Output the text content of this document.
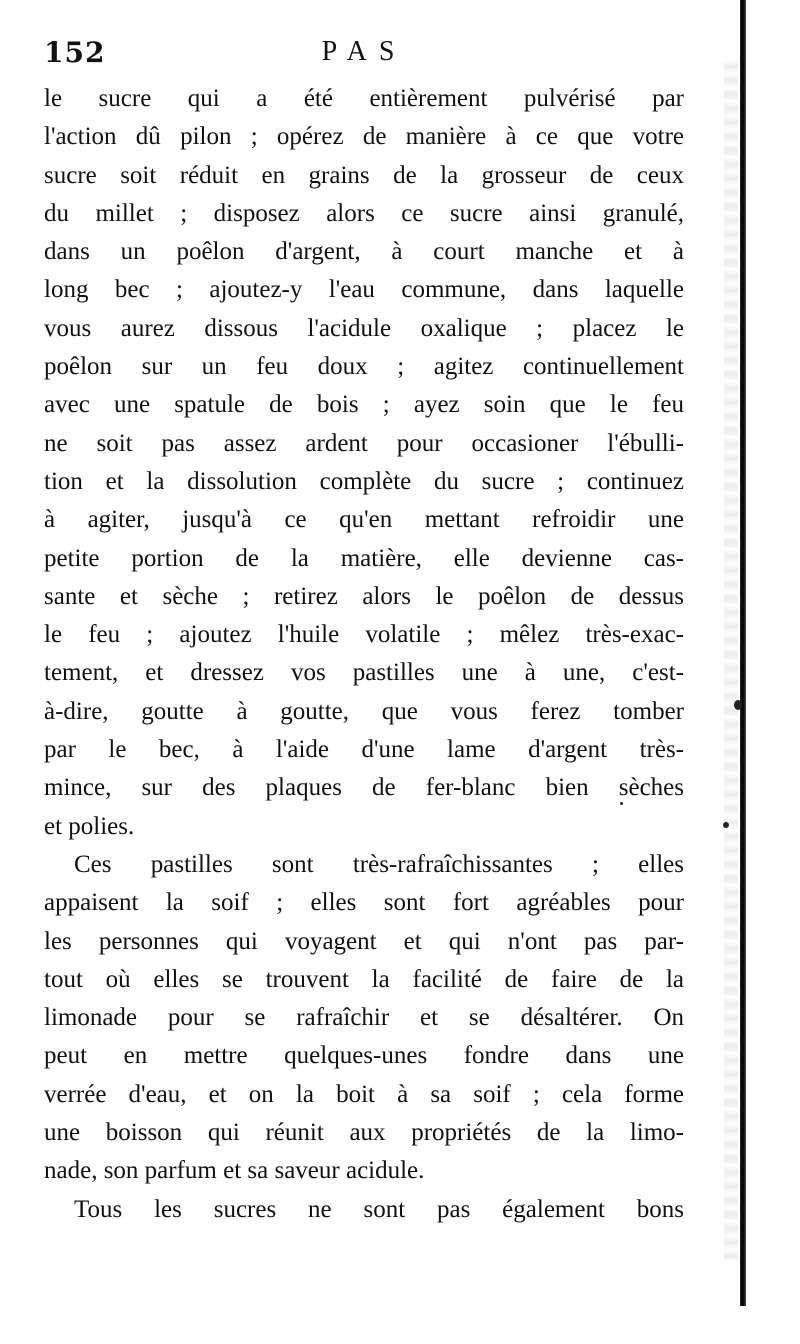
152	PAS
le sucre qui a été entièrement pulvérisé par
l'action dû pilon ; opérez de manière à ce que votre
sucre soit réduit en grains de la grosseur de ceux
du millet ; disposez alors ce sucre ainsi granulé,
dans un poêlon d'argent, à court manche et à
long bec ; ajoutez-y l'eau commune, dans laquelle
vous aurez dissous l'acidule oxalique ; placez le
poêlon sur un feu doux ; agitez continuellement
avec une spatule de bois ; ayez soin que le feu
ne soit pas assez ardent pour occasioner l'ébulli-
tion et la dissolution complète du sucre ; continuez
à agiter, jusqu'à ce qu'en mettant refroidir une
petite portion de la matière, elle devienne cas-
sante et sèche ; retirez alors le poêlon de dessus
le feu ; ajoutez l'huile volatile ; mêlez très-exac-
tement, et dressez vos pastilles une à une, c'est-
à-dire, goutte à goutte, que vous ferez tomber
par le bec, à l'aide d'une lame d'argent très-
mince, sur des plaques de fer-blanc bien sèches
et polies.
Ces pastilles sont très-rafraîchissantes ; elles
appaisent la soif ; elles sont fort agréables pour
les personnes qui voyagent et qui n'ont pas par-
tout où elles se trouvent la facilité de faire de la
limonade pour se rafraîchir et se désaltérer. On
peut en mettre quelques-unes fondre dans une
verrée d'eau, et on la boit à sa soif ; cela forme
une boisson qui réunit aux propriétés de la limo-
nade, son parfum et sa saveur acidule.
Tous les sucres ne sont pas également bons
